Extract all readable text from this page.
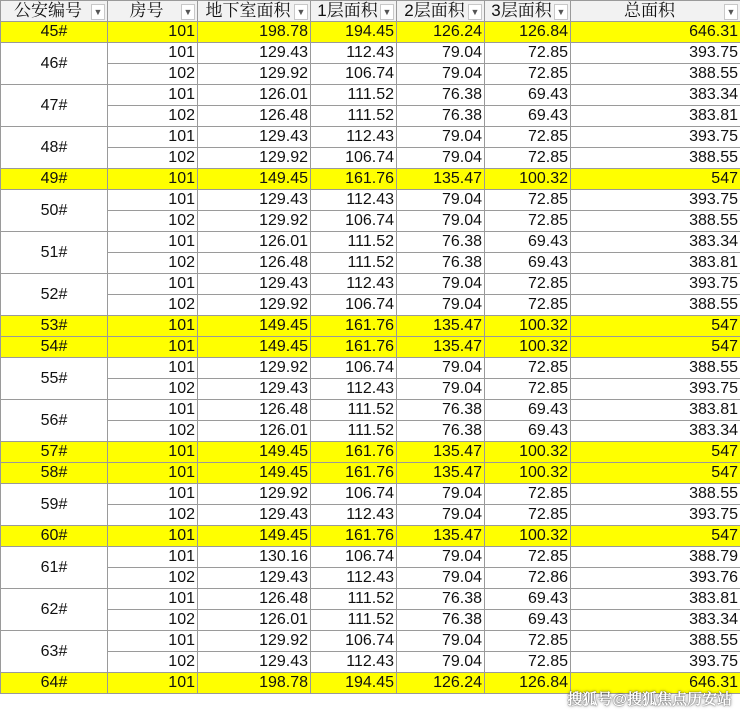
公安编号 ▼	房号 ▼	地下室面积 ▼	1层面积 ▼	2层面积 ▼	3层面积 ▼	总面积 ▼

45#	101	198.78	194.45	126.24	126.84	646.31
46#	101	129.43	112.43	79.04	72.85	393.75
	102	129.92	106.74	79.04	72.85	388.55
47#	101	126.01	111.52	76.38	69.43	383.34
	102	126.48	111.52	76.38	69.43	383.81
48#	101	129.43	112.43	79.04	72.85	393.75
	102	129.92	106.74	79.04	72.85	388.55
49#	101	149.45	161.76	135.47	100.32	547
50#	101	129.43	112.43	79.04	72.85	393.75
	102	129.92	106.74	79.04	72.85	388.55
51#	101	126.01	111.52	76.38	69.43	383.34
	102	126.48	111.52	76.38	69.43	383.81
52#	101	129.43	112.43	79.04	72.85	393.75
	102	129.92	106.74	79.04	72.85	388.55
53#	101	149.45	161.76	135.47	100.32	547
54#	101	149.45	161.76	135.47	100.32	547
55#	101	129.92	106.74	79.04	72.85	388.55
	102	129.43	112.43	79.04	72.85	393.75
56#	101	126.48	111.52	76.38	69.43	383.81
	102	126.01	111.52	76.38	69.43	383.34
57#	101	149.45	161.76	135.47	100.32	547
58#	101	149.45	161.76	135.47	100.32	547
59#	101	129.92	106.74	79.04	72.85	388.55
	102	129.43	112.43	79.04	72.85	393.75
60#	101	149.45	161.76	135.47	100.32	547
61#	101	130.16	106.74	79.04	72.85	388.79
	102	129.43	112.43	79.04	72.86	393.76
62#	101	126.48	111.52	76.38	69.43	383.81
	102	126.01	111.52	76.38	69.43	383.34
63#	101	129.92	106.74	79.04	72.85	388.55
	102	129.43	112.43	79.04	72.85	393.75
64#	101	198.78	194.45	126.24	126.84	646.31
搜狐号@搜狐焦点历安站
